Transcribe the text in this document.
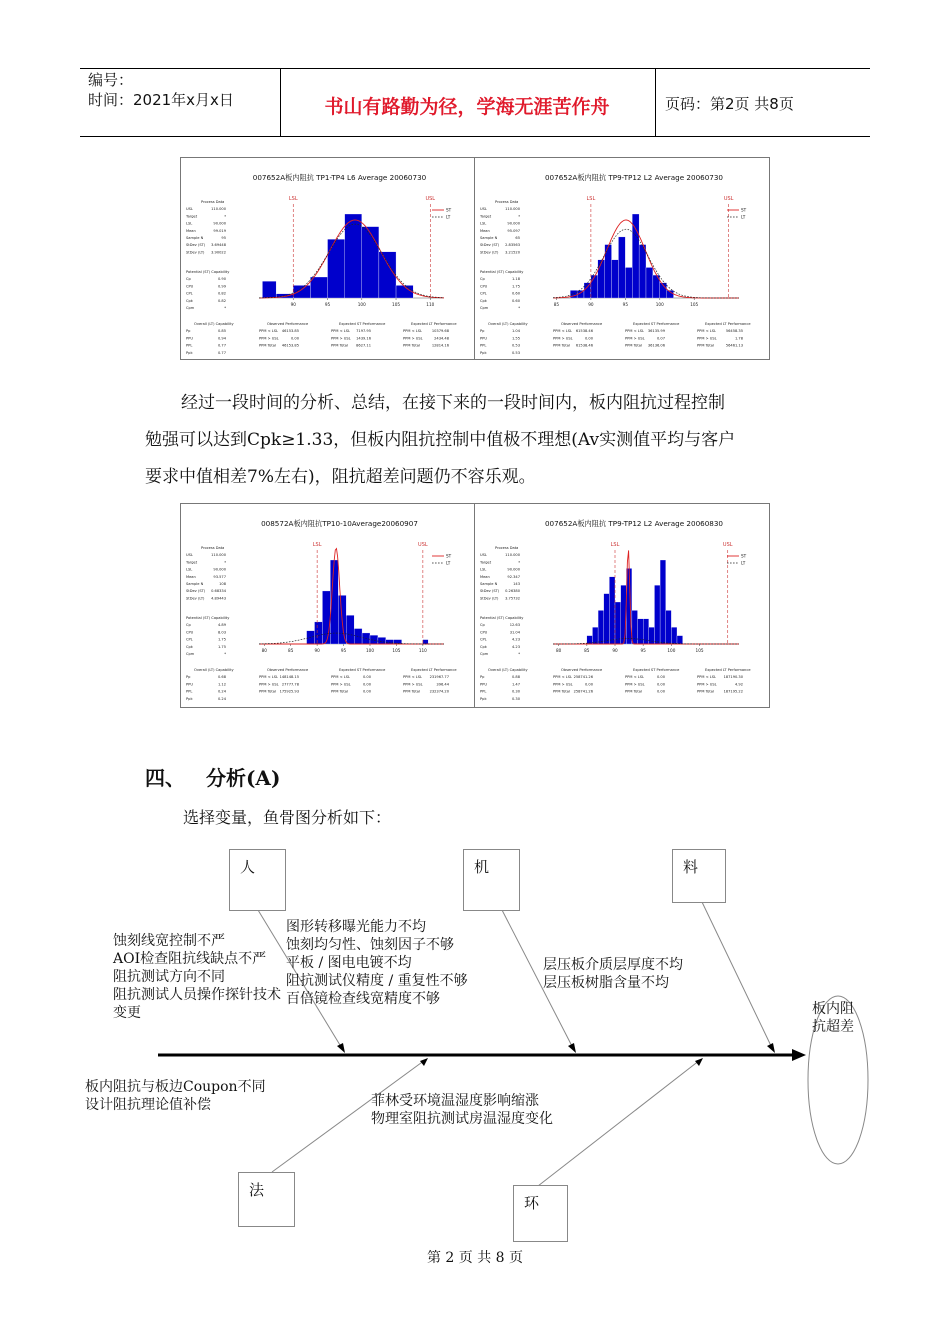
编号：
时间：2021年x月x日	书山有路勤为径，学海无涯苦作舟	页码：第2页 共8页
007652A板内阻抗 TP1-TP4 L6 Average 20060730
Process Data
USL	110.000
Target	*
LSL	90.000
Mean	99.019
Sample N	95
StDev (ST) 3.69448
StDev (LT) 3.90022
Potential (ST) Capability
Cp	0.90
CPU	0.99
CPL	0.82
Cpk	0.82
Cpm	*
Overall (LT) Capability
Pp	0.85
PPU	0.94
PPL	0.77
Ppk	0.77
Observed Performance
PPM < LSL 46153.85
PPM > USL	0.00
PPM Total 46153.85
Expected ST Performance
PPM < LSL 7197.95
PPM > USL 1439.16
PPM Total 8627.11
Expected LT Performance
PPM < LSL	10379.68
PPM > USL	2434.48
PPM Total	12814.16
90	95	100	105	110
LSL	USL
ST
LT
007652A板内阻抗 TP9-TP12 L2 Average 20060730
Process Data
USL	110.000
Target	*
LSL	90.000
Mean	95.097
Sample N	65
StDev (ST) 2.83563
StDev (LT) 3.21520
Potential (ST) Capability
Cp	1.18
CPU	1.75
CPL	0.60
Cpk	0.60
Cpm	*
Overall (LT) Capability
Pp	1.04
PPU	1.55
PPL	0.53
Ppk	0.53
Observed Performance
PPM < LSL 61538.46
PPM > USL	0.00
PPM Total 61538.46
Expected ST Performance
PPM < LSL 36135.99
PPM > USL	0.07
PPM Total 36136.06
Expected LT Performance
PPM < LSL	56458.35
PPM > USL	1.78
PPM Total	56461.13
85	90	95	100	105
LSL	USL
ST
LT
008572A板内阻抗TP10-10Average20060907
Process Data
USL	110.000
Target	*
LSL	90.000
Mean	93.577
Sample N	108
StDev (ST) 0.68334
StDev (LT) 4.89443
Potential (ST) Capability
Cp	4.89
CPU	8.03
CPL	1.75
Cpk	1.75
Cpm	*
Overall (LT) Capability
Pp	0.68
PPU	1.12
PPL	0.24
Ppk	0.24
Observed Performance
PPM < LSL 148148.15
PPM > USL 27777.78
PPM Total 175925.93
Expected ST Performance
PPM < LSL	0.00
PPM > USL	0.00
PPM Total	0.00
Expected LT Performance
PPM < LSL 231967.77
PPM > USL	396.44
PPM Total	232374.20
80	85	90	95	100	105	110
LSL	USL
ST
LT
007652A板内阻抗 TP9-TP12 L2 Average 20060830
Process Data
USL	110.000
Target	*
LSL	90.000
Mean	92.347
Sample N	143
StDev (ST) 0.26380
StDev (LT) 3.75732
Potential (ST) Capability
Cp	12.63
CPU	31.04
CPL	4.23
Cpk	4.23
Cpm	*
Overall (LT) Capability
Pp	0.88
PPU	1.47
PPL	0.30
Ppk	0.30
Observed Performance
PPM < LSL 258741.26
PPM > USL	0.00
PPM Total 258741.26
Expected ST Performance
PPM < LSL	0.00
PPM > USL	0.00
PPM Total	0.00
Expected LT Performance
PPM < LSL 187190.30
PPM > USL	4.92
PPM Total	187195.22
80	85	90	95	100	105
LSL	USL
ST
LT

经过一段时间的分析、总结，在接下来的一段时间内，板内阻抗过程控制

勉强可以达到Cpk≥1.33，但板内阻抗控制中值极不理想(Av实测值平均与客户

要求中值相差7%左右)，阻抗超差问题仍不容乐观。

四、 分析(A)
选择变量，鱼骨图分析如下：
人	机	料
法
环
板内阻
抗超差
蚀刻线宽控制不严
AOI检查阻抗线缺点不严
阻抗测试方向不同
阻抗测试人员操作探针技术
变更
图形转移曝光能力不均
蚀刻均匀性、蚀刻因子不够
平板 / 图电电镀不均
阻抗测试仪精度 / 重复性不够
百倍镜检查线宽精度不够
层压板介质层厚度不均
层压板树脂含量不均
板内阻抗与板边Coupon不同
设计阻抗理论值补偿	菲林受环境温湿度影响缩涨
物理室阻抗测试房温湿度变化
第 2 页 共 8 页
